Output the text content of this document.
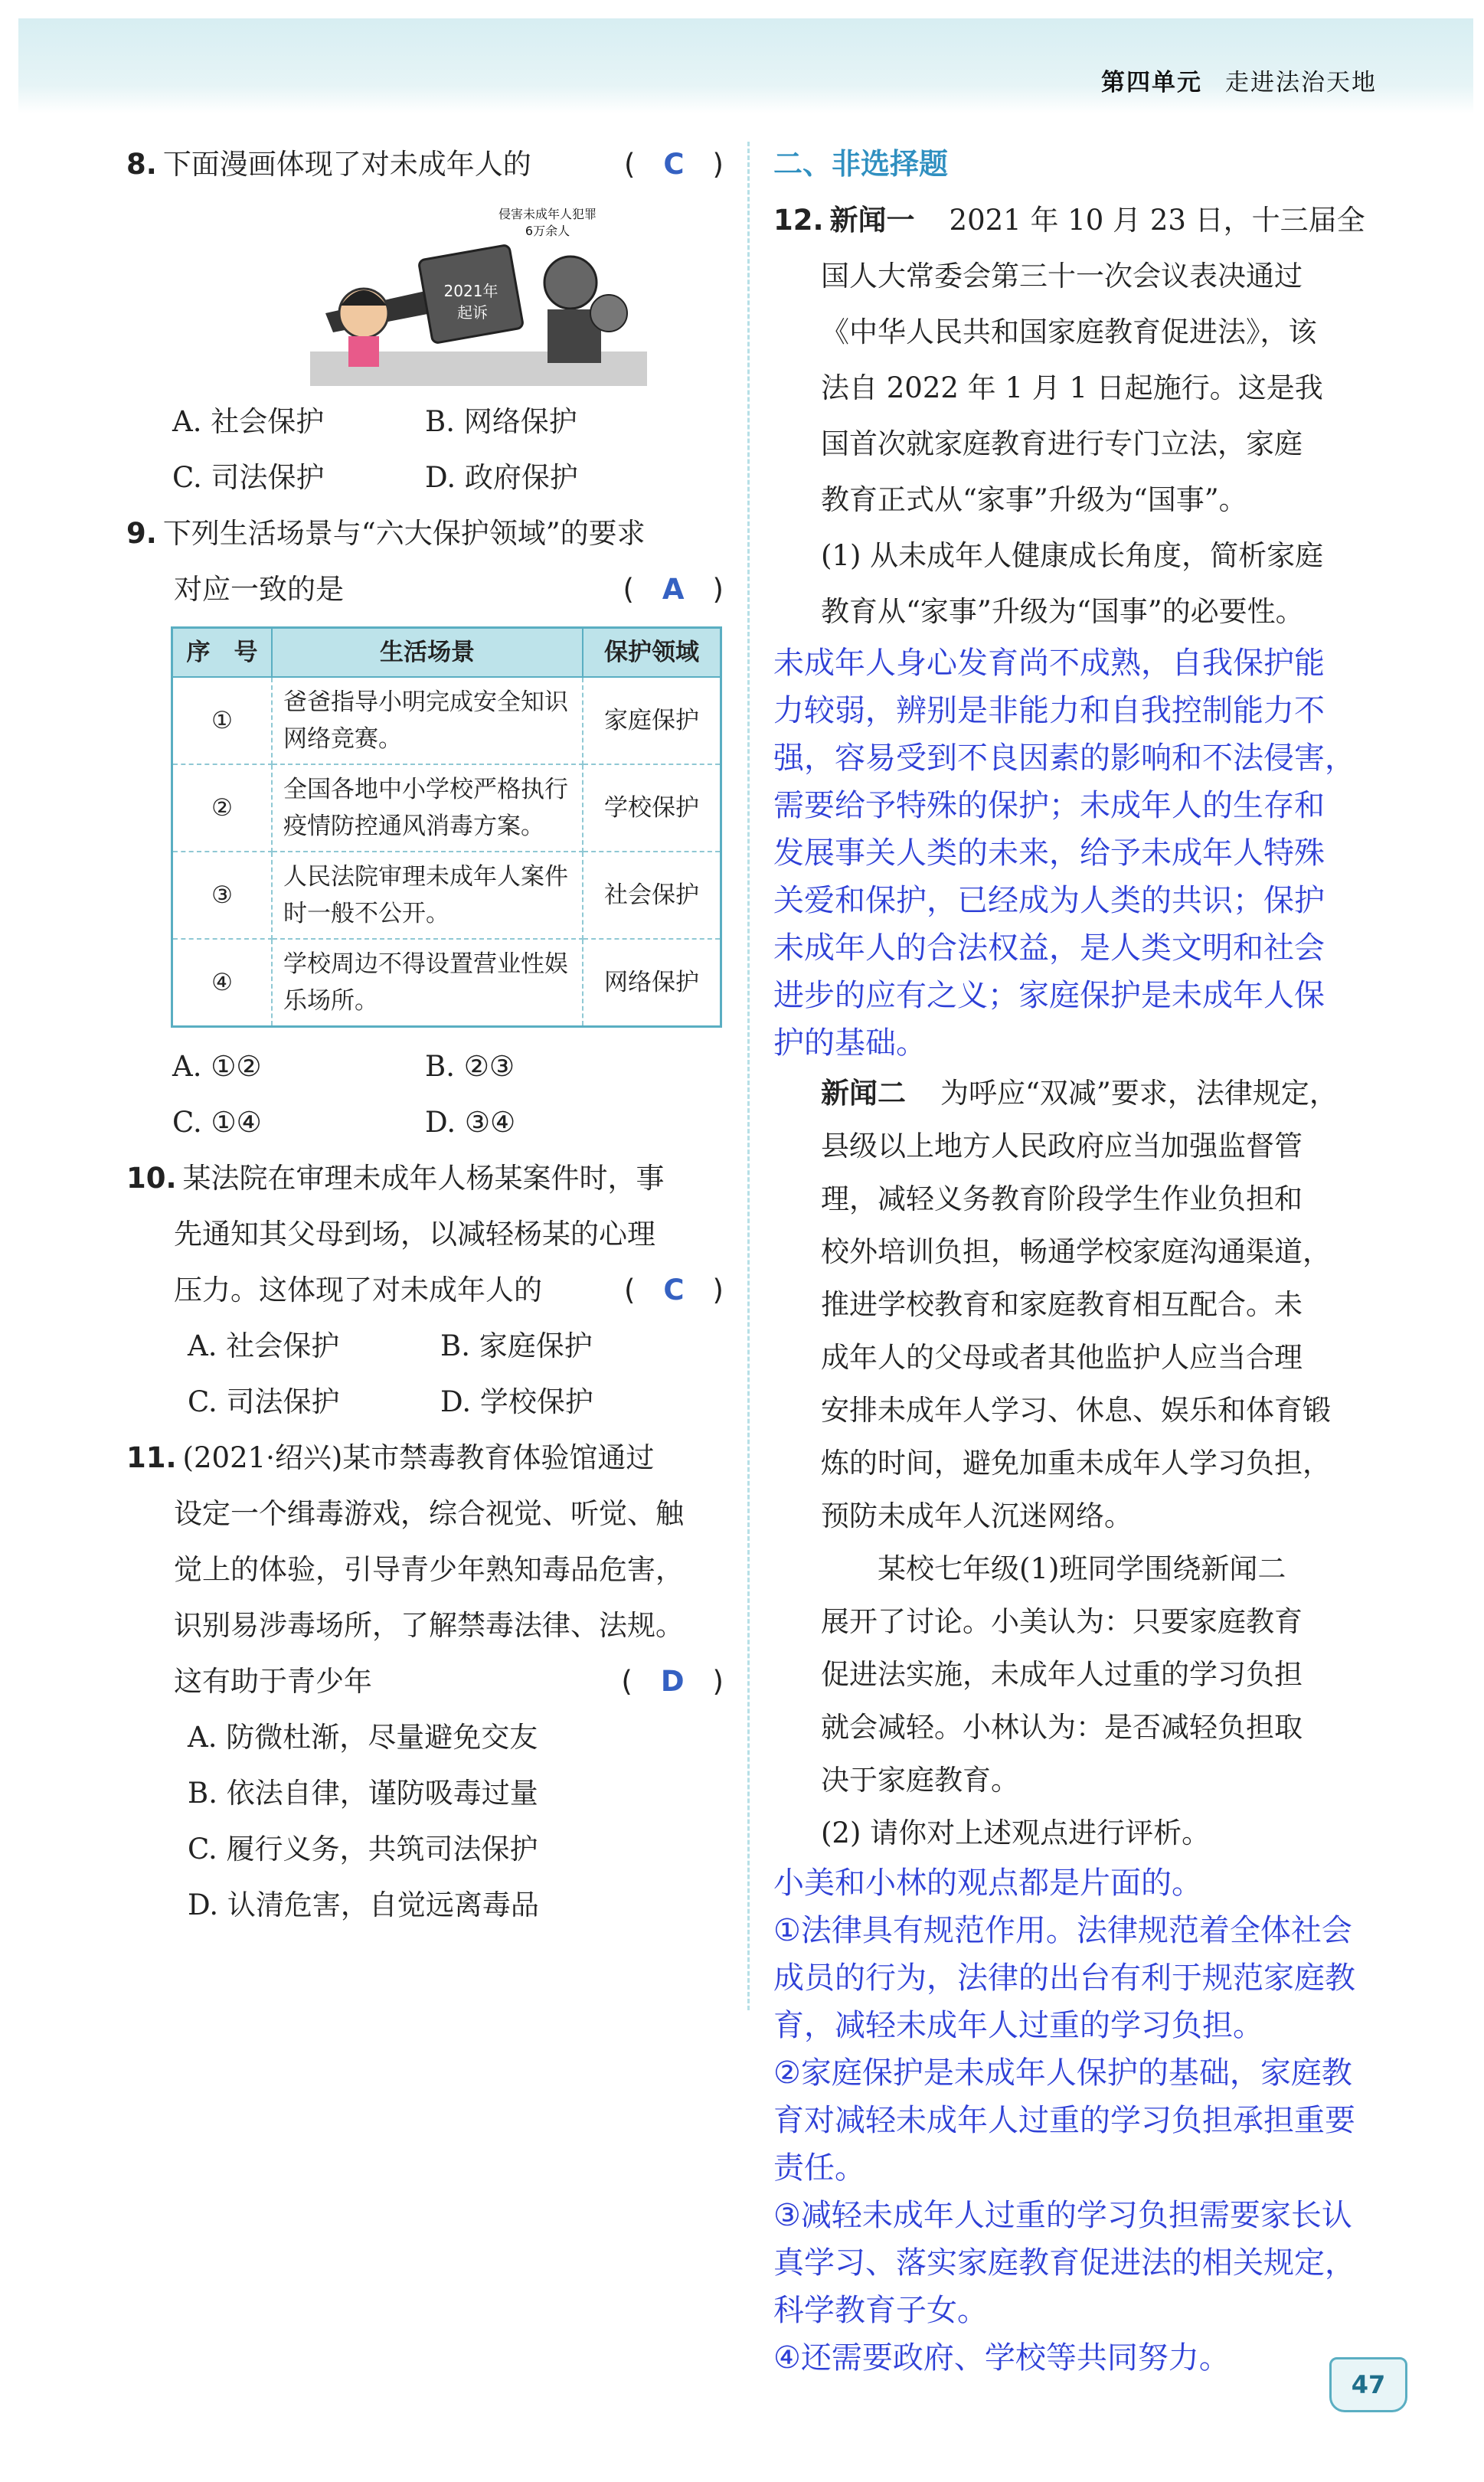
第四单元 走进法治天地
8. 下面漫画体现了对未成年人的	(　C　)
2021年
起诉
全国检察机关
侵害未成年人犯罪
6万余人
A. 社会保护	B. 网络保护
C. 司法保护	D. 政府保护
9. 下列生活场景与“六大保护领域”的要求
对应一致的是	(　A　)
序　号	生活场景	保护领域
①	爸爸指导小明完成安全知识网络竞赛。	家庭保护
②	全国各地中小学校严格执行疫情防控通风消毒方案。	学校保护
③	人民法院审理未成年人案件时一般不公开。	社会保护
④	学校周边不得设置营业性娱乐场所。	网络保护
A. ①②	B. ②③
C. ①④	D. ③④
10. 某法院在审理未成年人杨某案件时，事
先通知其父母到场，以减轻杨某的心理
压力。这体现了对未成年人的	(　C　)
A. 社会保护	B. 家庭保护
C. 司法保护	D. 学校保护
11. (2021·绍兴)某市禁毒教育体验馆通过
设定一个缉毒游戏，综合视觉、听觉、触
觉上的体验，引导青少年熟知毒品危害，
识别易涉毒场所，了解禁毒法律、法规。
这有助于青少年	(　D　)
A. 防微杜渐，尽量避免交友
B. 依法自律，谨防吸毒过量
C. 履行义务，共筑司法保护
D. 认清危害，自觉远离毒品
二、非选择题
12. 新闻一　 2021 年 10 月 23 日，十三届全
国人大常委会第三十一次会议表决通过
《中华人民共和国家庭教育促进法》，该
法自 2022 年 1 月 1 日起施行。这是我
国首次就家庭教育进行专门立法，家庭
教育正式从“家事”升级为“国事”。
(1) 从未成年人健康成长角度，简析家庭
教育从“家事”升级为“国事”的必要性。
未成年人身心发育尚不成熟，自我保护能
力较弱，辨别是非能力和自我控制能力不
强，容易受到不良因素的影响和不法侵害，
需要给予特殊的保护；未成年人的生存和
发展事关人类的未来，给予未成年人特殊
关爱和保护，已经成为人类的共识；保护
未成年人的合法权益，是人类文明和社会
进步的应有之义；家庭保护是未成年人保
护的基础。
新闻二　 为呼应“双减”要求，法律规定，
县级以上地方人民政府应当加强监督管
理，减轻义务教育阶段学生作业负担和
校外培训负担，畅通学校家庭沟通渠道，
推进学校教育和家庭教育相互配合。未
成年人的父母或者其他监护人应当合理
安排未成年人学习、休息、娱乐和体育锻
炼的时间，避免加重未成年人学习负担，
预防未成年人沉迷网络。
某校七年级(1)班同学围绕新闻二
展开了讨论。小美认为：只要家庭教育
促进法实施，未成年人过重的学习负担
就会减轻。小林认为：是否减轻负担取
决于家庭教育。
(2) 请你对上述观点进行评析。
小美和小林的观点都是片面的。
①法律具有规范作用。法律规范着全体社会
成员的行为，法律的出台有利于规范家庭教
育，减轻未成年人过重的学习负担。
②家庭保护是未成年人保护的基础，家庭教
育对减轻未成年人过重的学习负担承担重要
责任。
③减轻未成年人过重的学习负担需要家长认
真学习、落实家庭教育促进法的相关规定，
科学教育子女。
④还需要政府、学校等共同努力。
47
